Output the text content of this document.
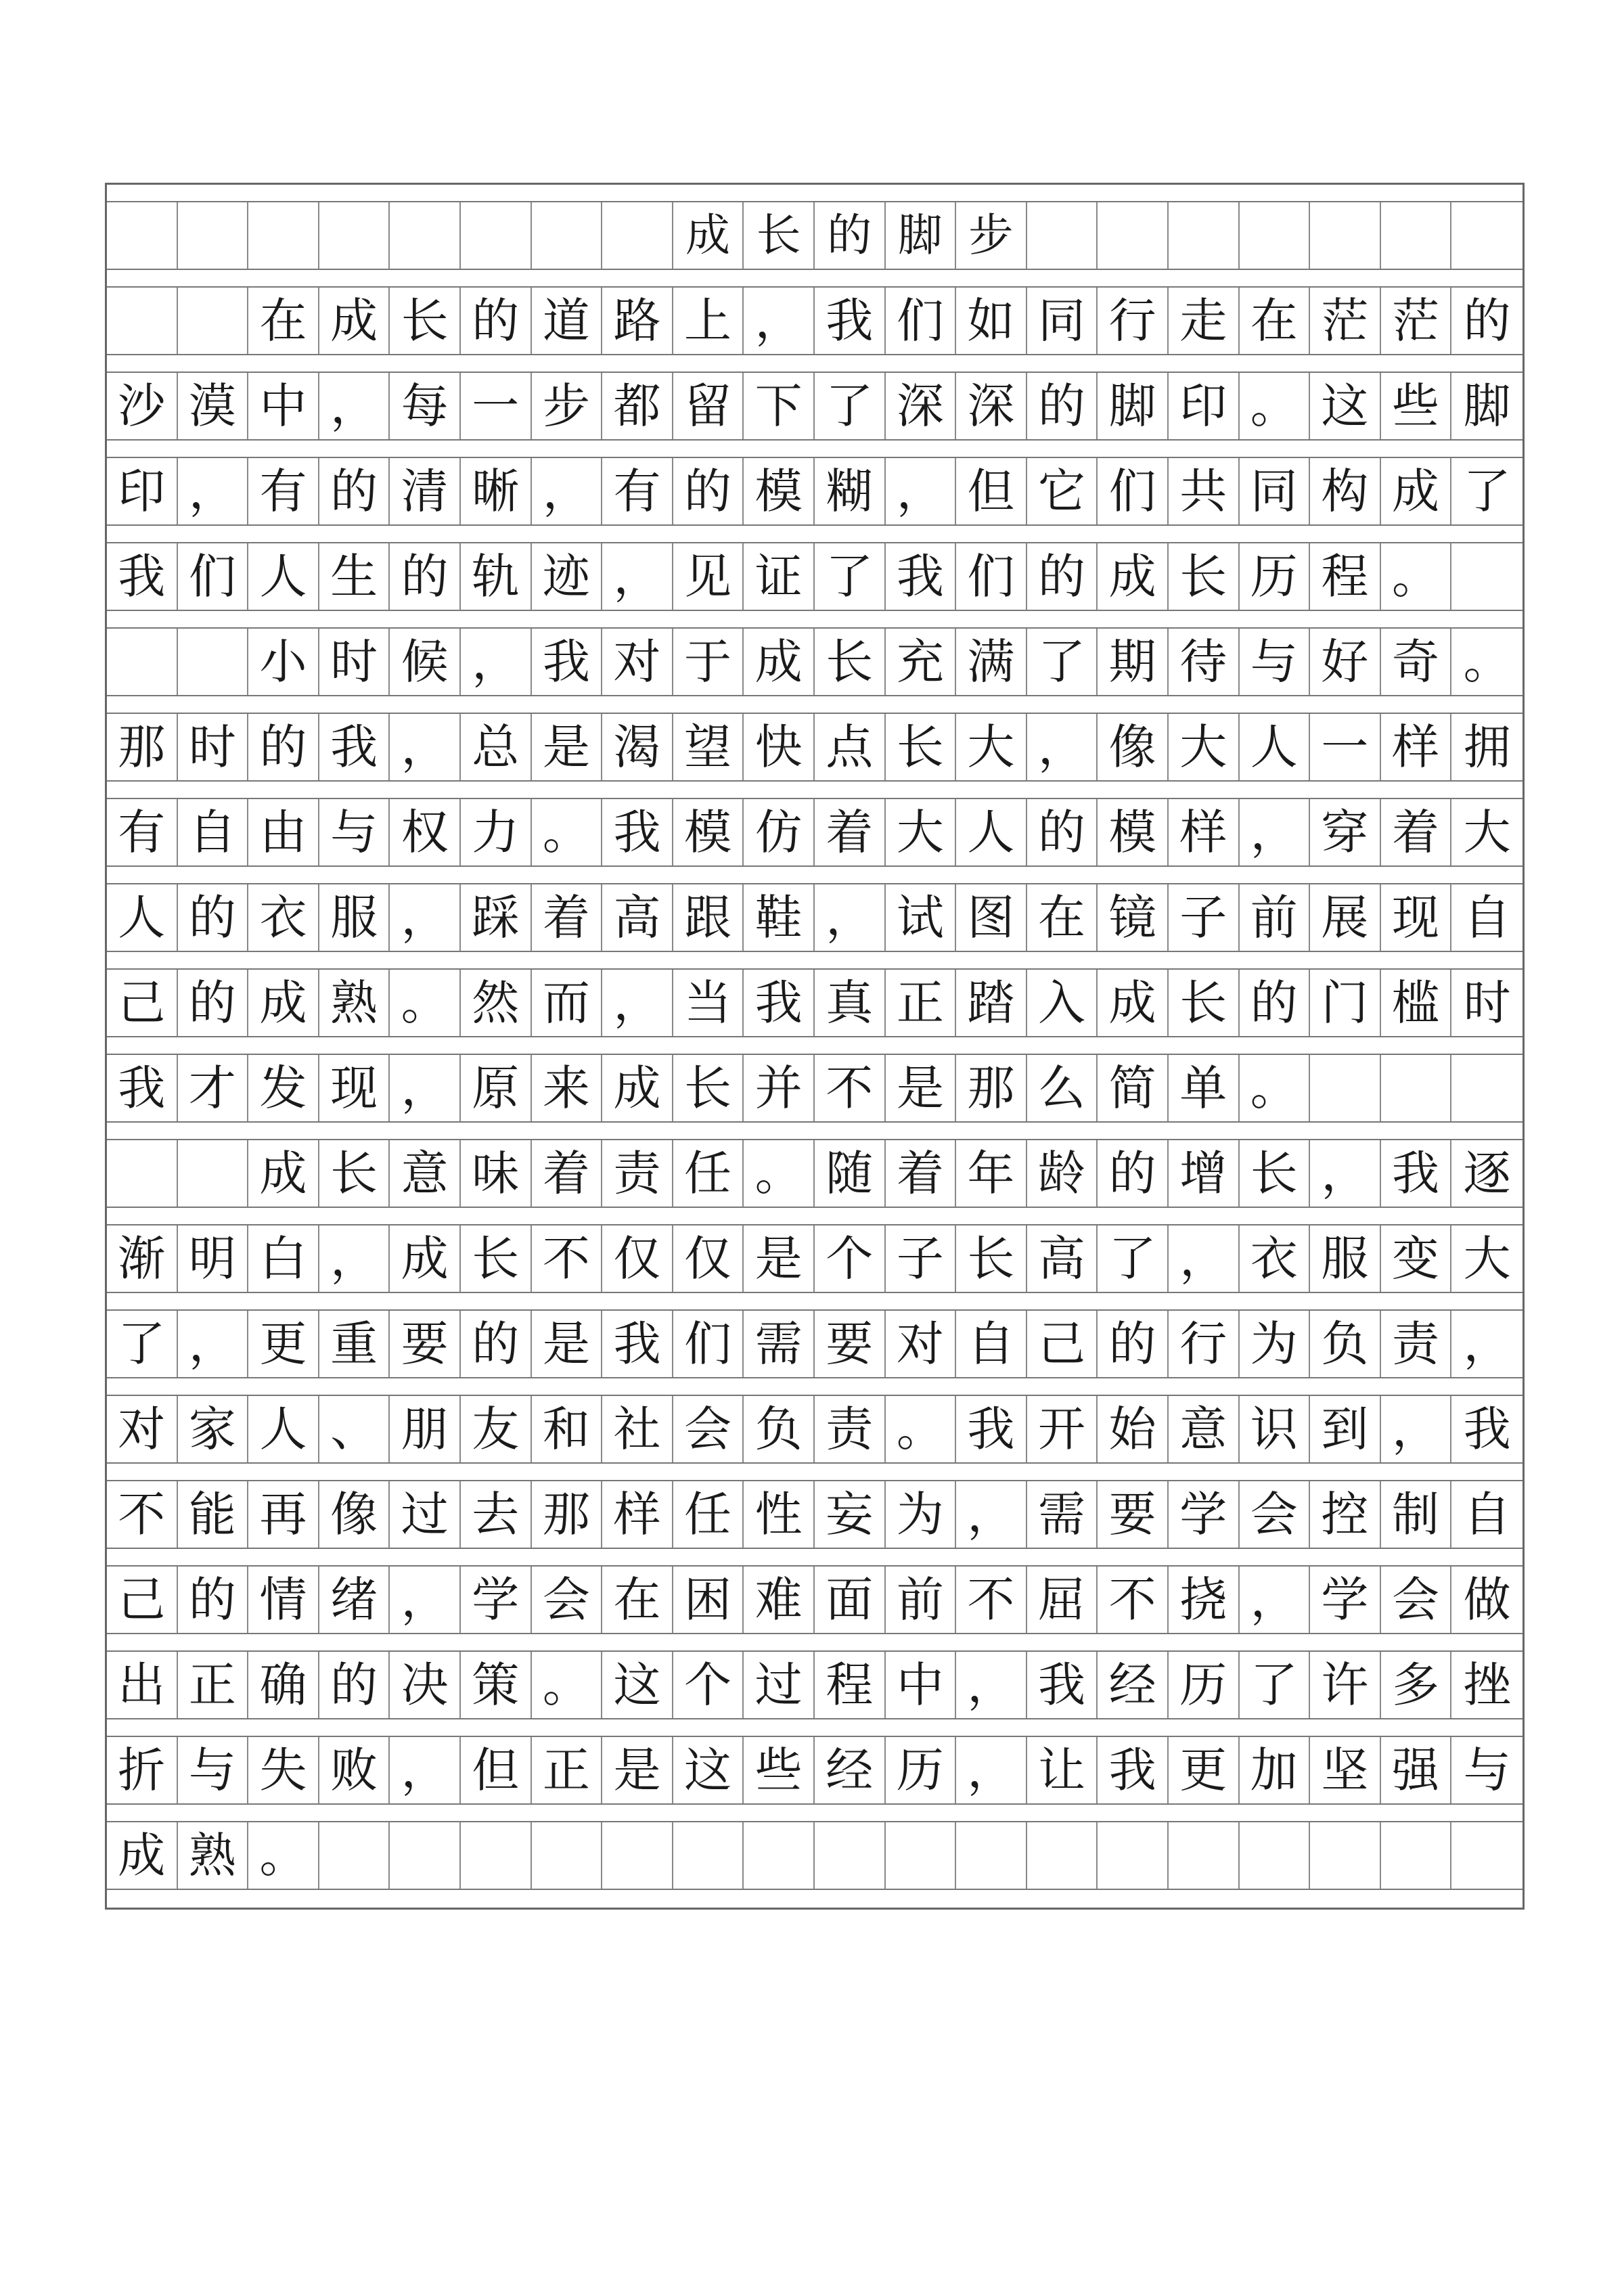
成 长 的 脚 步
在 成 长 的 道 路 上 ， 我 们 如 同 行 走 在 茫 茫 的
沙 漠 中 ， 每 一 步 都 留 下 了 深 深 的 脚 印 。 这 些 脚
印 ， 有 的 清 晰 ， 有 的 模 糊 ， 但 它 们 共 同 构 成 了
我 们 人 生 的 轨 迹 ， 见 证 了 我 们 的 成 长 历 程 。
小 时 候 ， 我 对 于 成 长 充 满 了 期 待 与 好 奇 。
那 时 的 我 ， 总 是 渴 望 快 点 长 大 ， 像 大 人 一 样 拥
有 自 由 与 权 力 。 我 模 仿 着 大 人 的 模 样 ， 穿 着 大
人 的 衣 服 ， 踩 着 高 跟 鞋 ， 试 图 在 镜 子 前 展 现 自
己 的 成 熟 。 然 而 ， 当 我 真 正 踏 入 成 长 的 门 槛 时
我 才 发 现 ， 原 来 成 长 并 不 是 那 么 简 单 。
成 长 意 味 着 责 任 。 随 着 年 龄 的 增 长 ， 我 逐
渐 明 白 ， 成 长 不 仅 仅 是 个 子 长 高 了 ， 衣 服 变 大
了 ， 更 重 要 的 是 我 们 需 要 对 自 己 的 行 为 负 责 ，
对 家 人 、 朋 友 和 社 会 负 责 。 我 开 始 意 识 到 ， 我
不 能 再 像 过 去 那 样 任 性 妄 为 ， 需 要 学 会 控 制 自
己 的 情 绪 ， 学 会 在 困 难 面 前 不 屈 不 挠 ， 学 会 做
出 正 确 的 决 策 。 这 个 过 程 中 ， 我 经 历 了 许 多 挫
折 与 失 败 ， 但 正 是 这 些 经 历 ， 让 我 更 加 坚 强 与
成 熟 。
